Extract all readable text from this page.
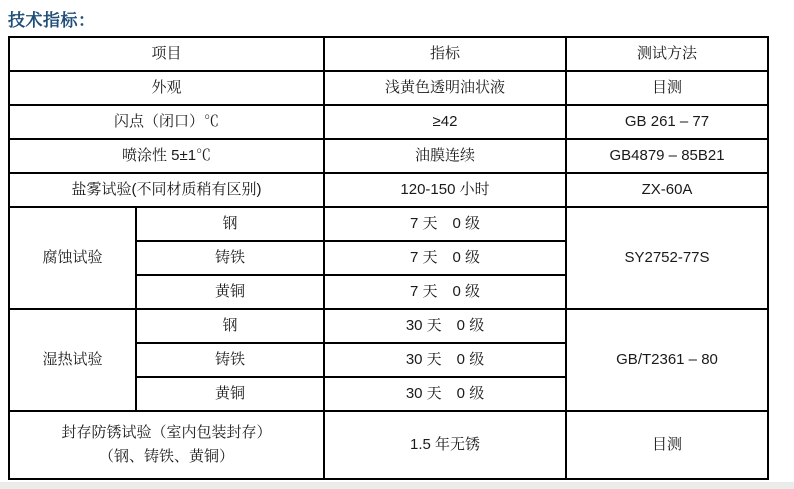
技术指标：
项目		指标	测试方法
外观		浅黄色透明油状液	目测
闪点（闭口）℃		≥42	GB 261 – 77
喷涂性 5±1℃		油膜连续	GB4879 – 85B21
盐雾试验(不同材质稍有区别)		120-150 小时	ZX-60A
腐蚀试验	钢	7 天　0 级	SY2752-77S
	铸铁	7 天　0 级	
	黄铜	7 天　0 级	
湿热试验	钢	30 天　0 级	GB/T2361 – 80
	铸铁	30 天　0 级	
	黄铜	30 天　0 级	

封存防锈试验（室内包装封存）
（钢、铸铁、黄铜）		1.5 年无锈	目测
